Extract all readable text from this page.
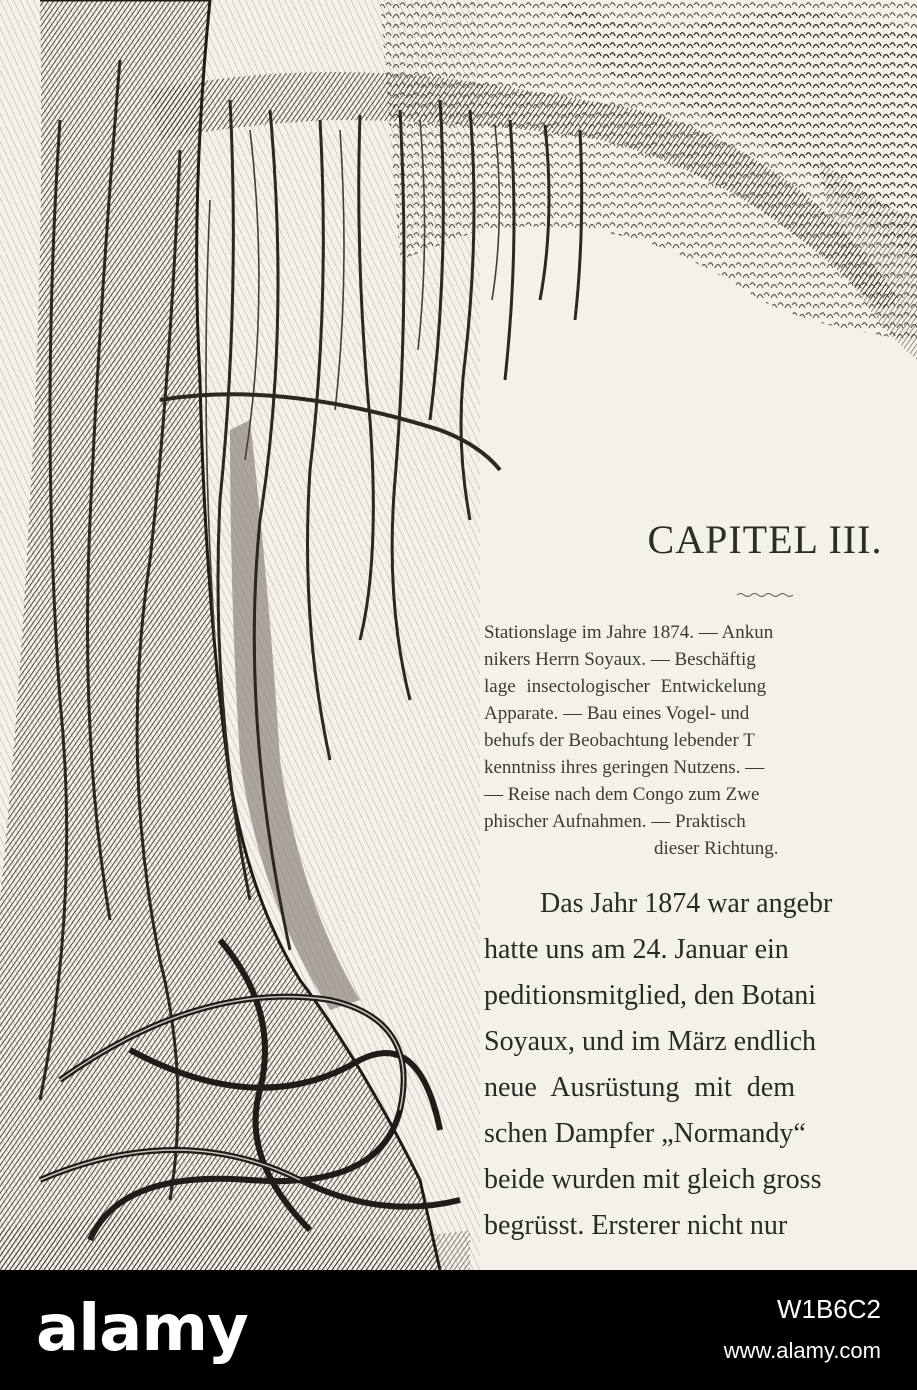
CAPITEL III.
Stationslage im Jahre 1874. — Ankun
nikers Herrn Soyaux. — Beschäftig
lage insectologischer Entwickelung
Apparate. — Bau eines Vogel- und
behufs der Beobachtung lebender T
kenntniss ihres geringen Nutzens. —
— Reise nach dem Congo zum Zwe
phischer Aufnahmen. — Praktisch
dieser Richtung.
Das Jahr 1874 war angebr
hatte uns am 24. Januar ein
peditionsmitglied, den Botani
Soyaux, und im März endlich
neue Ausrüstung mit dem
schen Dampfer „Normandy“
beide wurden mit gleich gross
begrüsst. Ersterer nicht nur
alamy	W1B6C2
www.alamy.com
